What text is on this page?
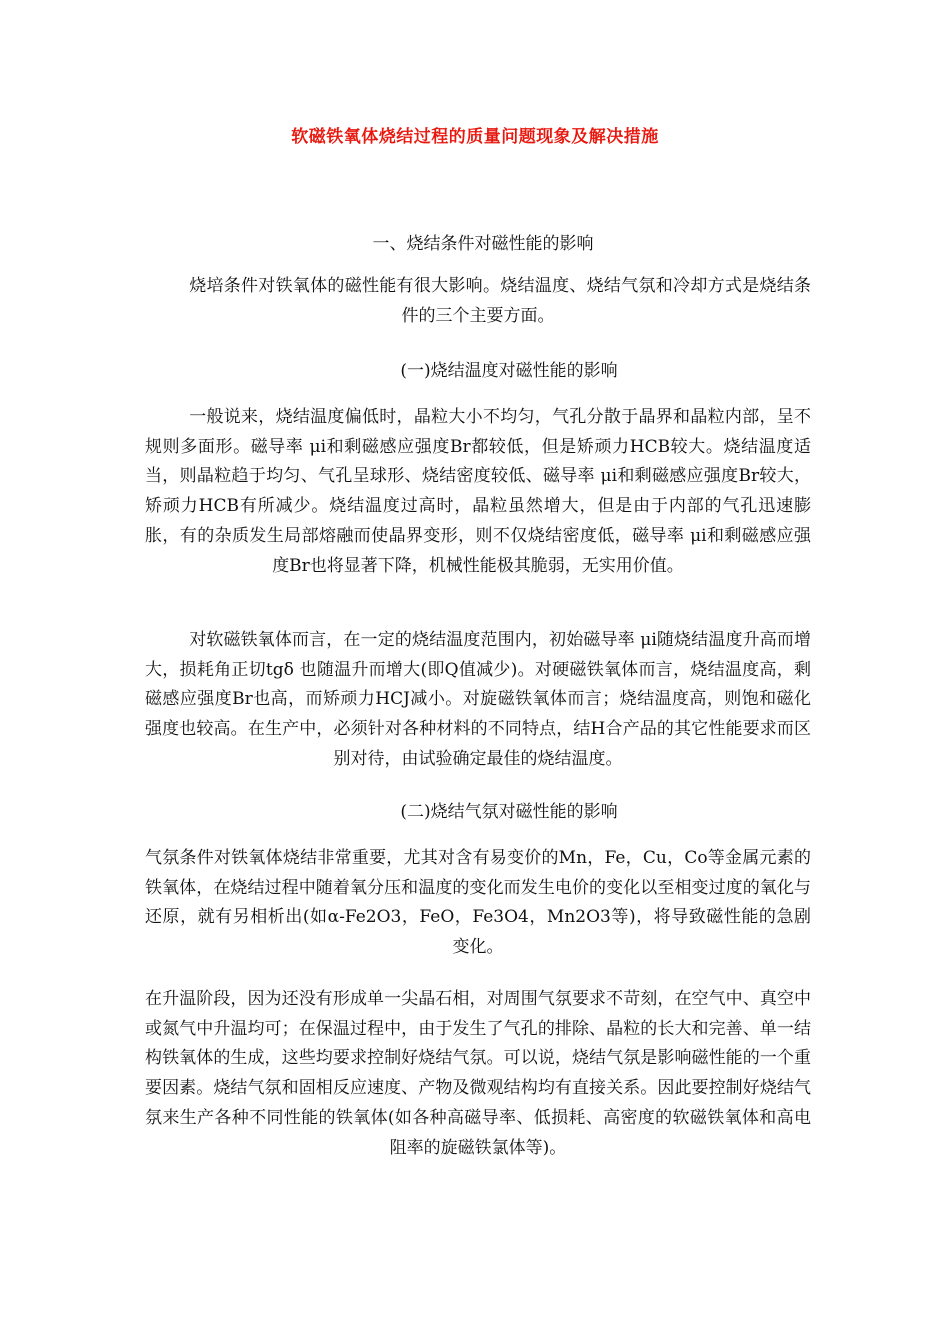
软磁铁氧体烧结过程的质量问题现象及解决措施
一、烧结条件对磁性能的影响
烧培条件对铁氧体的磁性能有很大影响。烧结温度、烧结气氛和冷却方式是烧结条件的三个主要方面。
(一)烧结温度对磁性能的影响
一般说来，烧结温度偏低时，晶粒大小不均匀，气孔分散于晶界和晶粒内部，呈不规则多面形。磁导率 μi和剩磁感应强度Br都较低，但是矫顽力HCB较大。烧结温度适当，则晶粒趋于均匀、气孔呈球形、烧结密度较低、磁导率 μi和剩磁感应强度Br较大，矫顽力HCB有所减少。烧结温度过高时，晶粒虽然增大，但是由于内部的气孔迅速膨胀，有的杂质发生局部熔融而使晶界变形，则不仅烧结密度低，磁导率 μi和剩磁感应强度Br也将显著下降，机械性能极其脆弱，无实用价值。
对软磁铁氧体而言，在一定的烧结温度范围内，初始磁导率 μi随烧结温度升高而增大，损耗角正切tgδ 也随温升而增大(即Q值减少)。对硬磁铁氧体而言，烧结温度高，剩磁感应强度Br也高，而矫顽力HCJ减小。对旋磁铁氧体而言；烧结温度高，则饱和磁化强度也较高。在生产中，必须针对各种材料的不同特点，结Н合产品的其它性能要求而区别对待，由试验确定最佳的烧结温度。
(二)烧结气氛对磁性能的影响
气氛条件对铁氧体烧结非常重要，尤其对含有易变价的Mn，Fe，Cu，Co等金属元素的铁氧体，在烧结过程中随着氧分压和温度的变化而发生电价的变化以至相变过度的氧化与还原，就有另相析出(如α-Fe2O3，FeO，Fe3O4，Mn2O3等)，将导致磁性能的急剧变化。
在升温阶段，因为还没有形成单一尖晶石相，对周围气氛要求不苛刻，在空气中、真空中或氮气中升温均可；在保温过程中，由于发生了气孔的排除、晶粒的长大和完善、单一结构铁氧体的生成，这些均要求控制好烧结气氛。可以说，烧结气氛是影响磁性能的一个重要因素。烧结气氛和固相反应速度、产物及微观结构均有直接关系。因此要控制好烧结气氛来生产各种不同性能的铁氧体(如各种高磁导率、低损耗、高密度的软磁铁氧体和高电阻率的旋磁铁氯体等)。
